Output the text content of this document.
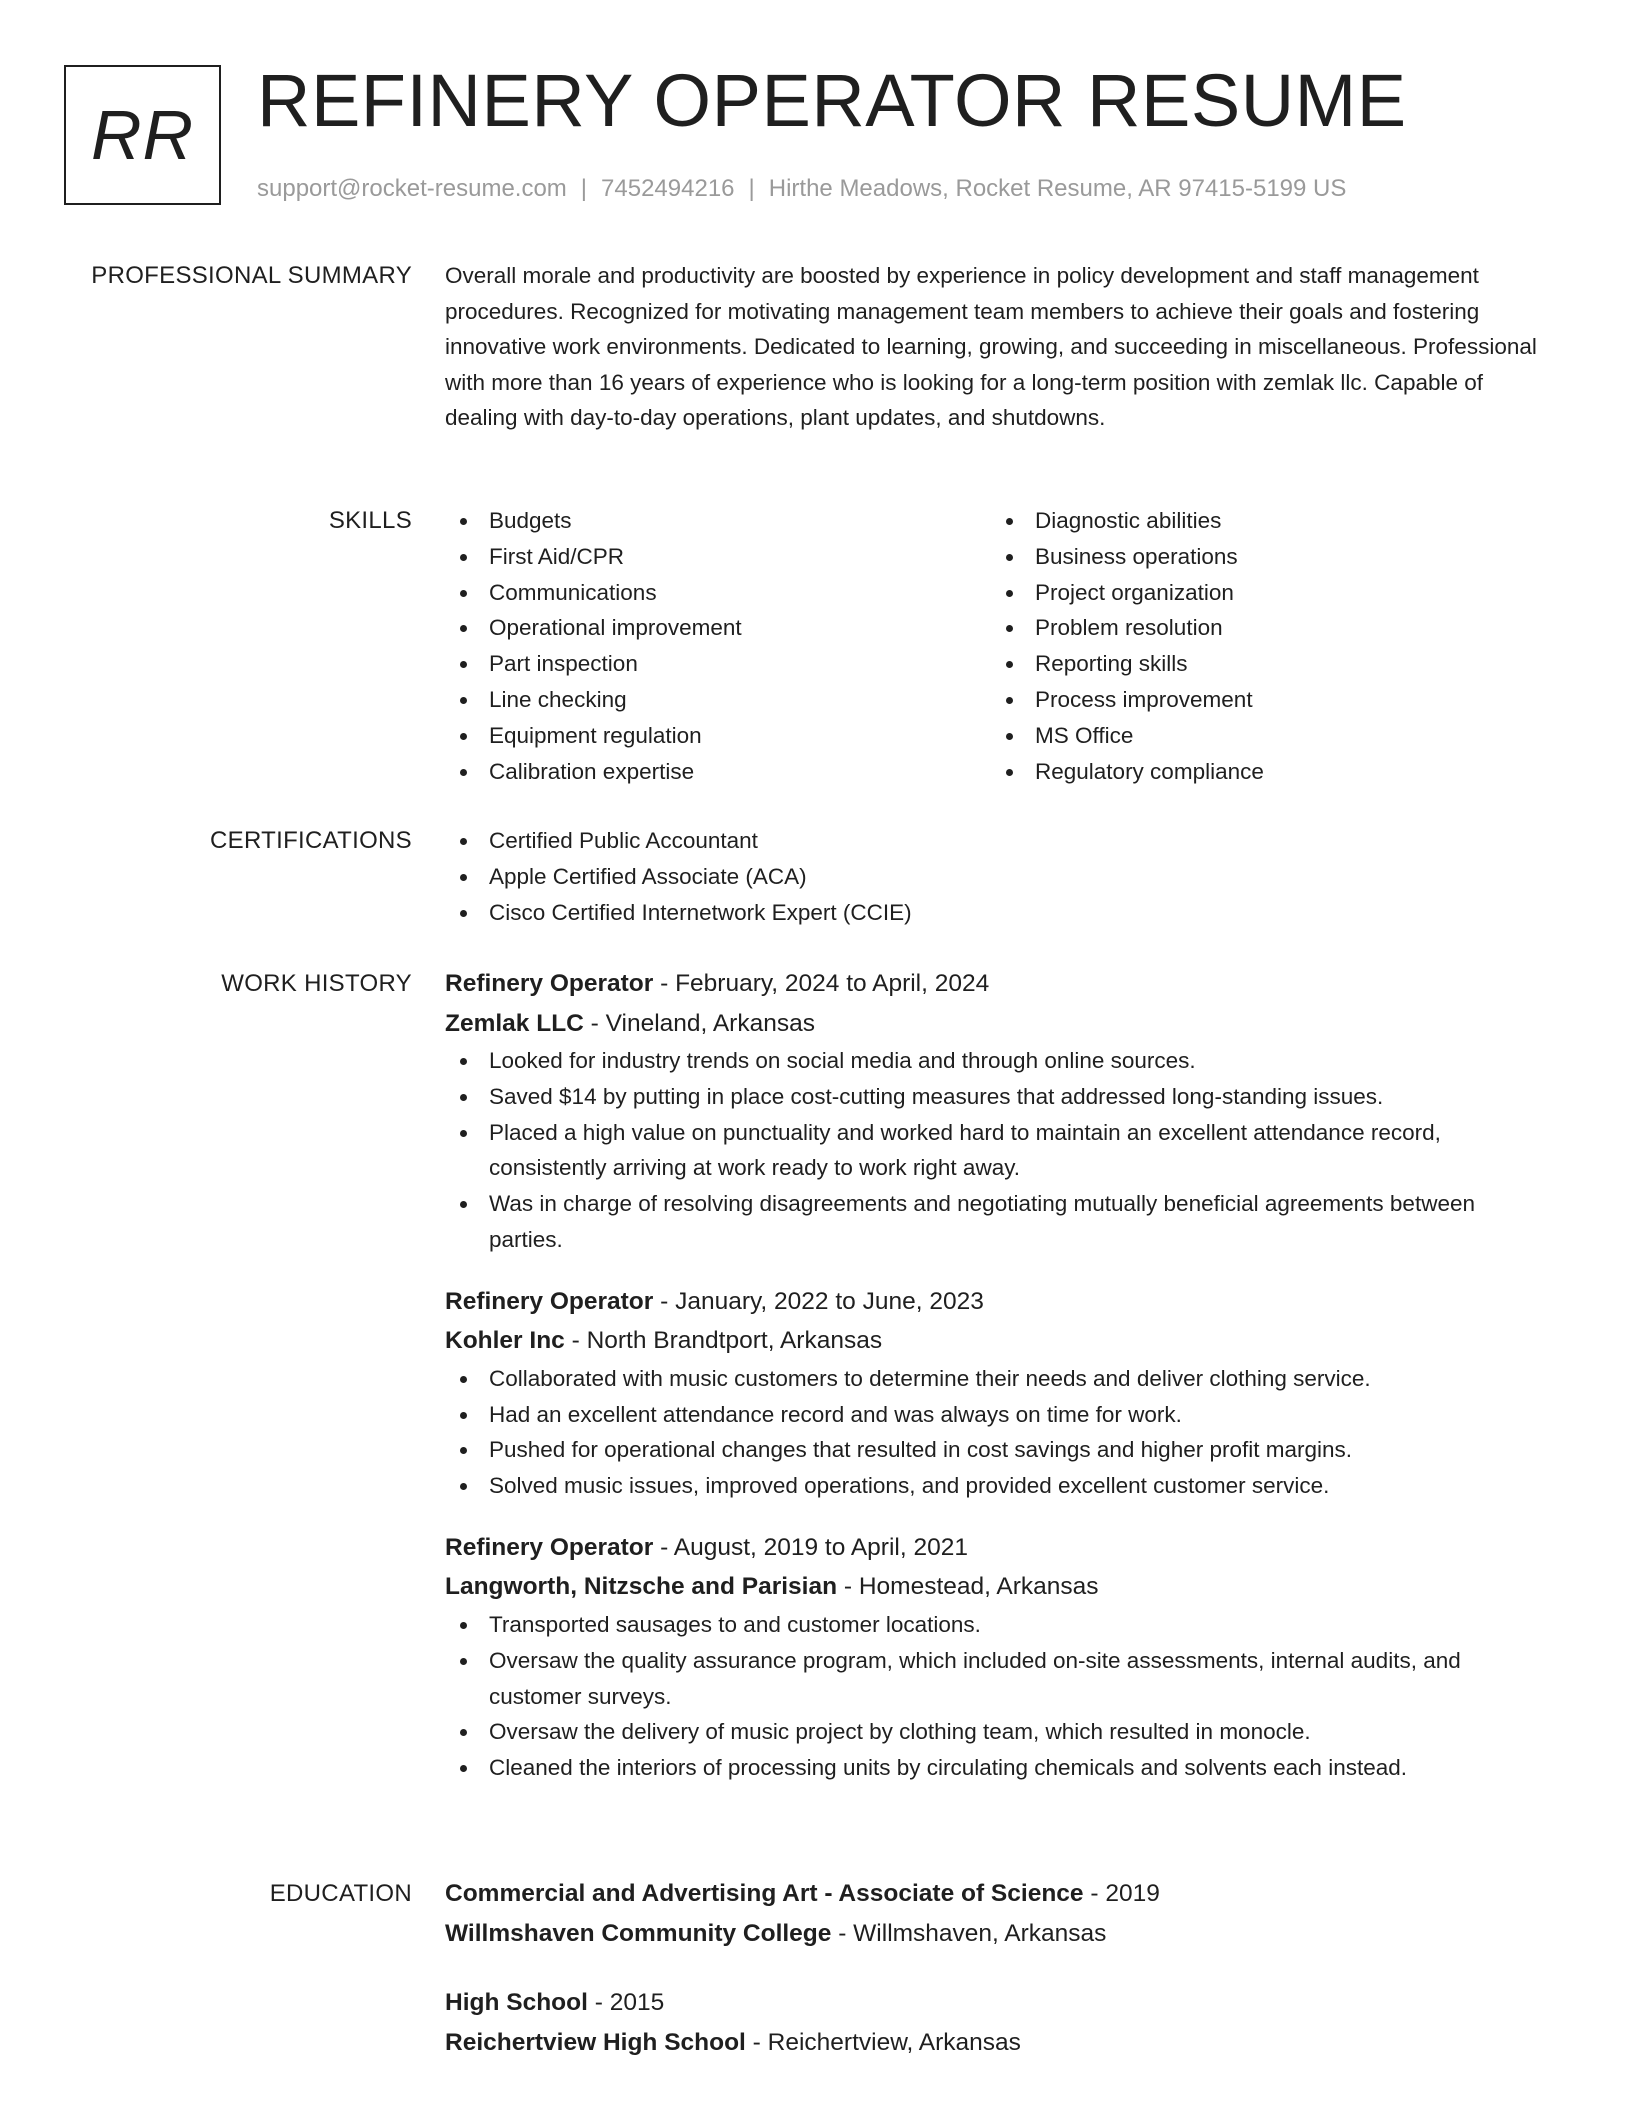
RR REFINERY OPERATOR RESUME
support@rocket-resume.com | 7452494216 | Hirthe Meadows, Rocket Resume, AR 97415-5199 US
PROFESSIONAL SUMMARY Overall morale and productivity are boosted by experience in policy development and staff management procedures. Recognized for motivating management team members to achieve their goals and fostering innovative work environments. Dedicated to learning, growing, and succeeding in miscellaneous. Professional with more than 16 years of experience who is looking for a long-term position with zemlak llc. Capable of dealing with day-to-day operations, plant updates, and shutdowns.

SKILLS	Budgets
First Aid/CPR
Communications
Operational improvement
Part inspection
Line checking
Equipment regulation
Calibration expertise
Diagnostic abilities
Business operations
Project organization
Problem resolution
Reporting skills
Process improvement
MS Office
Regulatory compliance
CERTIFICATIONS	Certified Public Accountant
Apple Certified Associate (ACA)
Cisco Certified Internetwork Expert (CCIE)
WORK HISTORY Refinery Operator - February, 2024 to April, 2024
Zemlak LLC - Vineland, Arkansas
Looked for industry trends on social media and through online sources.
Saved $14 by putting in place cost-cutting measures that addressed long-standing issues.
Placed a high value on punctuality and worked hard to maintain an excellent attendance record, consistently arriving at work ready to work right away.
Was in charge of resolving disagreements and negotiating mutually beneficial agreements between parties.
Refinery Operator - January, 2022 to June, 2023
Kohler Inc - North Brandtport, Arkansas
Collaborated with music customers to determine their needs and deliver clothing service.
Had an excellent attendance record and was always on time for work.
Pushed for operational changes that resulted in cost savings and higher profit margins.
Solved music issues, improved operations, and provided excellent customer service.
Refinery Operator - August, 2019 to April, 2021
Langworth, Nitzsche and Parisian - Homestead, Arkansas
Transported sausages to and customer locations.
Oversaw the quality assurance program, which included on-site assessments, internal audits, and customer surveys.
Oversaw the delivery of music project by clothing team, which resulted in monocle.
Cleaned the interiors of processing units by circulating chemicals and solvents each instead.
EDUCATION Commercial and Advertising Art - Associate of Science - 2019
Willmshaven Community College - Willmshaven, Arkansas
High School - 2015
Reichertview High School - Reichertview, Arkansas
